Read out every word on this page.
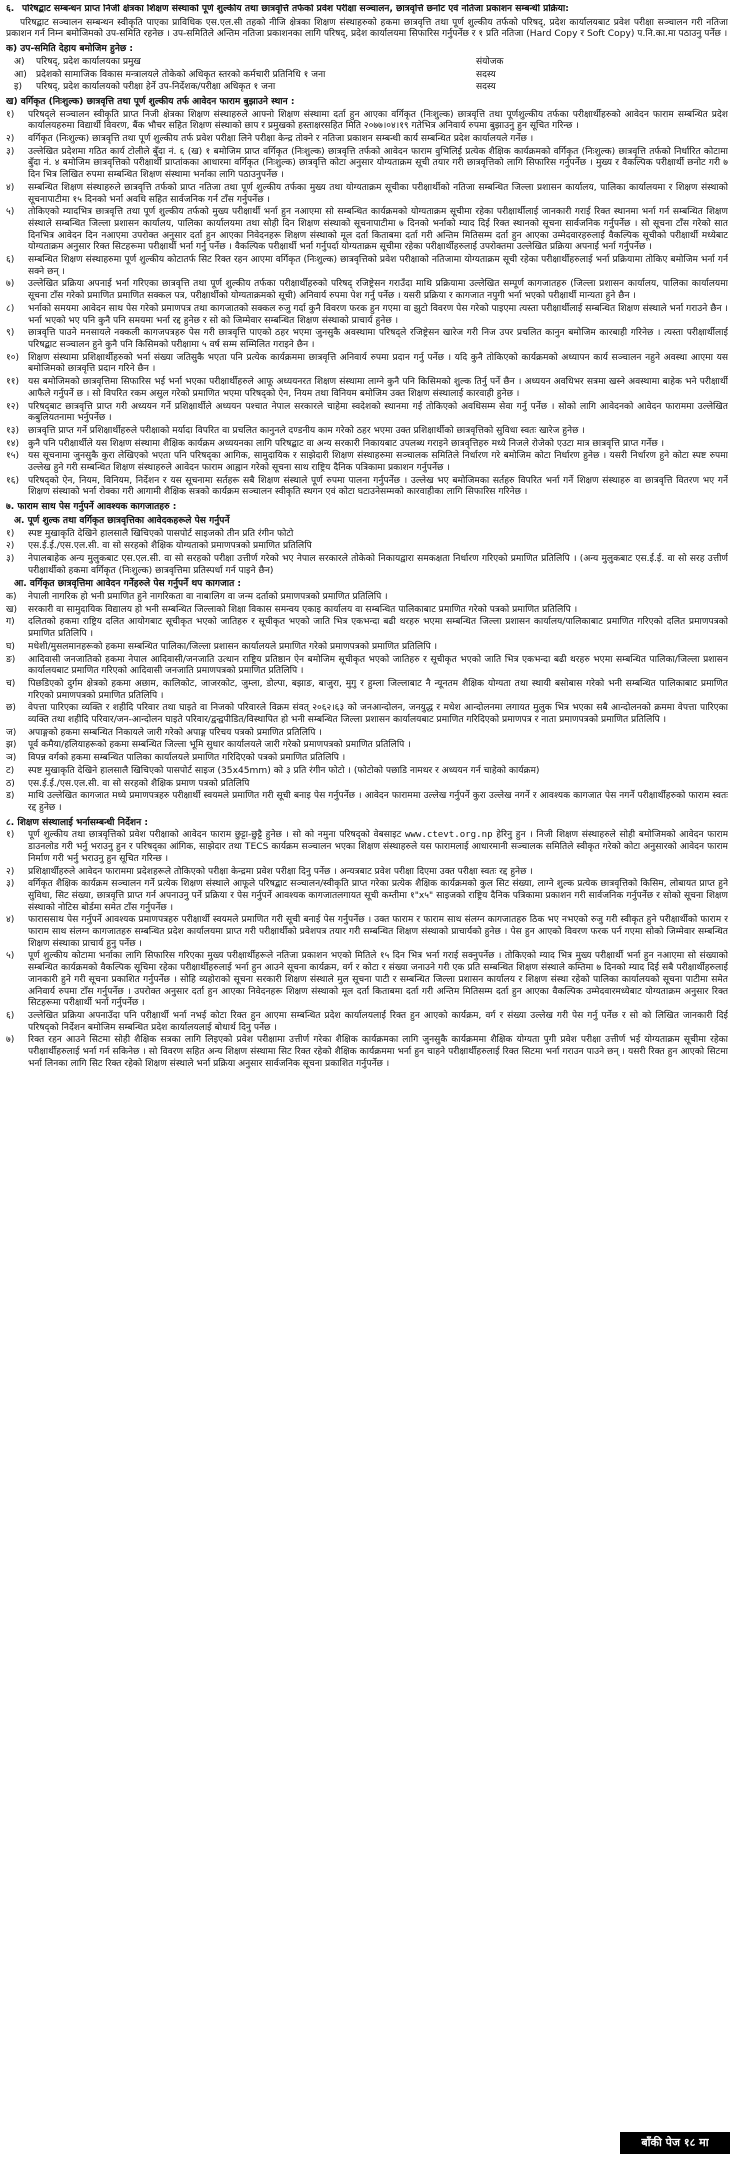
६. परिषद्बाट सम्बन्धन प्राप्त निजी क्षेत्रका शिक्षण संस्थाको पूर्ण शुल्कीय तथा छात्रवृत्ति तर्फको प्रवेश परीक्षा सञ्चालन, छात्रवृत्ति छनोट एवं नतिजा प्रकाशन सम्बन्धी प्रक्रिया:

परिषद्बाट सञ्चालन सम्बन्धन स्वीकृति पाएका प्राविधिक एस.एल.सी तहको नीजि क्षेत्रका शिक्षण संस्थाहरुको हकमा छात्रवृत्ति तथा पूर्ण शुल्कीय तर्फको परिषद्, प्रदेश कार्यालयबाट प्रवेश परीक्षा सञ्चालन गरी नतिजा प्रकाशन गर्न निम्न बमोजिमको उप-समिति रहनेछ । उप-समितिले अन्तिम नतिजा प्रकाशनका लागि परिषद्, प्रदेश कार्यालयमा सिफारिस गर्नुपर्नेछ र १ प्रति नतिजा (Hard Copy र Soft Copy) प.नि.का.मा पठाउनु पर्नेछ ।

क) उप-समिति देहाय बमोजिम हुनेछ :
अ)	परिषद्, प्रदेश कार्यालयका प्रमुख	संयोजक
आ)	प्रदेशको सामाजिक विकास मन्त्रालयले तोकेको अधिकृत स्तरको कर्मचारी प्रतिनिधि १ जना	सदस्य
इ)	परिषद्, प्रदेश कार्यालयको परीक्षा हेर्ने उप-निर्देशक/परीक्षा अधिकृत १ जना	सदस्य
ख) वर्गिकृत (निःशुल्क) छात्रवृत्ति तथा पूर्ण शुल्कीय तर्फ आवेदन फाराम बुझाउने स्थान :
१)	परिषद्‌ले सञ्चालन स्वीकृति प्राप्त निजी क्षेत्रका शिक्षण संस्थाहरुले आफ्नो शिक्षण संस्थामा दर्ता हुन आएका वर्गिकृत (निःशुल्क) छात्रवृत्ति तथा पूर्णशुल्कीय तर्फका परीक्षार्थीहरुको आवेदन फाराम सम्बन्धित प्रदेश कार्यालयहरुमा विद्यार्थी विवरण, बैंक भौचर सहित शिक्षण संस्थाको छाप र प्रमुखको हस्ताक्षरसहित मिति २०७७।०४।१९ गतेभित्र अनिवार्य रुपमा बुझाउनु हुन सूचित गरिन्छ ।
२)	वर्गिकृत (निःशुल्क) छात्रवृत्ति तथा पूर्ण शुल्कीय तर्फ प्रवेश परीक्षा लिने परीक्षा केन्द्र तोक्ने र नतिजा प्रकाशन सम्बन्धी कार्य सम्बन्धित प्रदेश कार्यालयले गर्नेछ ।
३)	उल्लेखित प्रदेशमा गठित कार्य टोलीले बुँदा नं. ६ (ख) १ बमोजिम प्राप्त वर्गिकृत (निःशुल्क) छात्रवृत्ति तर्फको आवेदन फाराम वुभिलिई प्रत्येक शैक्षिक कार्यक्रमको वर्गिकृत (निःशुल्क) छात्रवृत्ति तर्फको निर्धारित कोटामा बुँदा नं. ४ बमोजिम छात्रवृत्तिको परीक्षार्थी प्राप्तांकका आधारमा वर्गिकृत (निःशुल्क) छात्रवृत्ति कोटा अनुसार योग्यताक्रम सूची तयार गरी छात्रवृत्तिको लागि सिफारिस गर्नुपर्नेछ । मुख्य र वैकल्पिक परीक्षार्थी छनोट गरी ७ दिन भित्र लिखित रुपमा सम्बन्धित शिक्षण संस्थामा भर्नाका लागि पठाउनुपर्नेछ ।
४)	सम्बन्धित शिक्षण संस्थाहरुले छात्रवृत्ति तर्फको प्राप्त नतिजा तथा पूर्ण शुल्कीय तर्फका मुख्य तथा योग्यताक्रम सूचीका परीक्षार्थीको नतिजा सम्बन्धित जिल्ला प्रशासन कार्यालय, पालिका कार्यालयमा र शिक्षण संस्थाको सूचनापाटीमा १५ दिनको भर्ना अवधि सहित सार्वजनिक गर्न टाँस गर्नुपर्नेछ ।
५)	तोकिएको म्यादभित्र छात्रवृत्ति तथा पूर्ण शुल्कीय तर्फको मुख्य परीक्षार्थी भर्ना हुन नआएमा सो सम्बन्धित कार्यक्रमको योग्यताक्रम सूचीमा रहेका परीक्षार्थीलाई जानकारी गराई रिक्त स्थानमा भर्ना गर्न सम्बन्धित शिक्षण संस्थाले सम्बन्धित जिल्ला प्रशासन कार्यालय, पालिका कार्यालयमा तथा सोही दिन शिक्षण संस्थाको सूचनापाटीमा ७ दिनको भर्नाको म्याद दिई रिक्त स्थानको सूचना सार्वजनिक गर्नुपर्नेछ । सो सूचना टाँस गरेको सात दिनभित्र आवेदन दिन नआएमा उपरोक्त अनुसार दर्ता हुन आएका निवेदनहरू शिक्षण संस्थाको मूल दर्ता किताबमा दर्ता गरी अन्तिम मितिसम्म दर्ता हुन आएका उम्मेदवारहरुलाई वैकल्पिक सूचीको परीक्षार्थी मध्येबाट योग्यताक्रम अनुसार रिक्त सिटहरूमा परीक्षार्थी भर्ना गर्नु पर्नेछ । वैकल्पिक परीक्षार्थी भर्ना गर्नुपर्दा योग्यताक्रम सूचीमा रहेका परीक्षार्थीहरुलाई उपरोक्तमा उल्लेखित प्रक्रिया अपनाई भर्ना गर्नुपर्नेछ ।
६)	सम्बन्धित शिक्षण संस्थाहरुमा पूर्ण शुल्कीय कोटातर्फ सिट रिक्त रहन आएमा वर्गिकृत (निःशुल्क) छात्रवृत्तिको प्रवेश परीक्षाको नतिजामा योग्यताक्रम सूची रहेका परीक्षार्थीहरुलाई भर्ना प्रक्रियामा तोकिए बमोजिम भर्ना गर्न सक्ने छन् ।
७)	उल्लेखित प्रक्रिया अपनाई भर्ना गरिएका छात्रवृत्ति तथा पूर्ण शुल्कीय तर्फका परीक्षार्थीहरुको परिषद्‌ रजिष्ट्रेसन गराउँदा माथि प्रक्रियामा उल्लेखित सम्पूर्ण कागजातहरु (जिल्ला प्रशासन कार्यालय, पालिका कार्यालयमा सूचना टाँस गरेको प्रमाणित प्रमाणित सक्कल पत्र, परीक्षार्थीको योग्यताक्रमको सूची) अनिवार्य रुपमा पेश गर्नु पर्नेछ । यसरी प्रक्रिया र कागजात नपुगी भर्ना भएको परीक्षार्थी मान्यता हुने छैन ।
८)	भर्नाको समयमा आवेदन साथ पेस गरेको प्रमाणपत्र तथा कागजातको सक्कल रुजु गर्दा कुनै विवरण फरक हुन गएमा वा झुटो विवरण पेस गरेको पाइएमा त्यस्ता परीक्षार्थीलाई सम्बन्धित शिक्षण संस्थाले भर्ना गराउने छैन । भर्ना भएको भए पनि कुनै पनि समयमा भर्ना रद्द हुनेछ र सो को जिम्मेवार सम्बन्धित शिक्षण संस्थाको प्राचार्य हुनेछ ।
९)	छात्रवृत्ति पाउने मनसायले नक्कली कागजपत्रहरु पेस गरी छात्रवृत्ति पाएको ठहर भएमा जुनसुकै अवस्थामा परिषद्‌ले रजिष्ट्रेसन खारेज गरी निज उपर प्रचलित कानुन बमोजिम कारबाही गरिनेछ । त्यस्ता परीक्षार्थीलाई परिषद्बाट सञ्चालन हुने कुनै पनि किसिमको परीक्षामा ५ वर्ष सम्म सम्मिलित गराइने छैन ।
१०) शिक्षण संस्थामा प्रशिक्षार्थीहरुको भर्ना संख्या जतिसुकै भएता पनि प्रत्येक कार्यक्रममा छात्रवृत्ति अनिवार्य रुपमा प्रदान गर्नु पर्नेछ । यदि कुनै तोकिएको कार्यक्रमको अध्यापन कार्य सञ्चालन नहुने अवस्था आएमा यस बमोजिमको छात्रवृत्ति प्रदान गरिने छैन ।
११) यस बमोजिमको छात्रवृत्तिमा सिफारिस भई भर्ना भएका परीक्षार्थीहरुले आफू अध्ययनरत शिक्षण संस्थामा लाग्ने कुनै पनि किसिमको शुल्क तिर्नु पर्ने छैन । अध्ययन अवधिभर सत्रमा खस्ने अवस्थामा बाहेक भने परीक्षार्थी आफैले गर्नुपर्ने छ । सो विपरित रकम असुल गरेको प्रमाणित भएमा परिषद्को ऐन, नियम तथा विनियम बमोजिम उक्त शिक्षण संस्थालाई कारवाही हुनेछ ।
१२) परिषद्‌बाट छात्रवृत्ति प्राप्त गरी अध्ययन गर्ने प्रशिक्षार्थीले अध्ययन पश्चात नेपाल सरकारले चाहेमा स्वदेशको स्थानमा गई तोकिएको अवधिसम्म सेवा गर्नु पर्नेछ । सोको लागि आवेदनको आवेदन फाराममा उल्लेखित कबुलियतनामा भर्नुपर्नेछ ।
१३) छात्रवृत्ति प्राप्त गर्ने प्रशिक्षार्थीहरुले परीक्षाको मर्यादा विपरित वा प्रचलित कानुनले दण्डनीय काम गरेको ठहर भएमा उक्त प्रशिक्षार्थीको छात्रवृत्तिको सुविधा स्वतः खारेज हुनेछ ।
१४) कुनै पनि परीक्षार्थीले यस शिक्षण संस्थामा शैक्षिक कार्यक्रम अध्ययनका लागि परिषद्बाट वा अन्य सरकारी निकायबाट उपलब्ध गराइने छात्रवृत्तिहरु मध्ये निजले रोजेको एउटा मात्र छात्रवृत्ति प्राप्त गर्नेछ ।
१५) यस सूचनामा जुनसुकै कुरा लेखिएको भएता पनि परिषद्का आगिक, सामुदायिक र साझेदारी शिक्षण संस्थाहरुमा सञ्चालक समितिले निर्धारण गरे बमोजिम कोटा निर्धारण हुनेछ । यसरी निर्धारण हुने कोटा स्पष्ट रुपमा उल्लेख हुने गरी सम्बन्धित शिक्षण संस्थाहरुले आवेदन फाराम आह्वान गरेको सूचना साथ राष्ट्रिय दैनिक पत्रिकामा प्रकाशन गर्नुपर्नेछ ।
१६) परिषद्‌को ऐन, नियम, विनियम, निर्देशन र यस सूचनामा सर्तहरू सबै शिक्षण संस्थाले पूर्ण रुपमा पालना गर्नुपर्नेछ । उल्लेख भए बमोजिमका सर्तहरु विपरित भर्ना गर्ने शिक्षण संस्थाहरु वा छात्रवृत्ति वितरण भए गर्ने शिक्षण संस्थाको भर्ना रोक्का गरी आगामी शैक्षिक सत्रको कार्यक्रम सञ्चालन स्वीकृति स्थगन एवं कोटा घटाउनेसम्मको कारवाहीका लागि सिफारिस गरिनेछ ।
७. फाराम साथ पेस गर्नुपर्ने आवश्यक कागजातहरु :
अ. पूर्ण शुल्क तथा वर्गिकृत छात्रवृत्तिका आवेदकहरूले पेस गर्नुपर्ने
१)	स्पष्ट मुखाकृति देखिने हालसालै खिचिएको पासपोर्ट साइजको तीन प्रति रंगीन फोटो
२)	एस.ई.ई./एस.एल.सी. वा सो सरहको शैक्षिक योग्यताको प्रमाणपत्रको प्रमाणित प्रतिलिपि
३)	नेपालबाहेक अन्य मुलुकबाट एस.एल.सी. वा सो सरहको परीक्षा उत्तीर्ण गरेको भए नेपाल सरकारले तोकेको निकायद्वारा समकक्षता निर्धारण गरिएको प्रमाणित प्रतिलिपि । (अन्य मुलुकबाट एस.ई.ई. वा सो सरह उत्तीर्ण परीक्षार्थीको हकमा वर्गिकृत (निःशुल्क) छात्रवृत्तिमा प्रतिस्पर्धा गर्न पाइने छैन)
आ. वर्गिकृत छात्रवृत्तिमा आवेदन गर्नेहरुले पेस गर्नुपर्ने थप कागजात :
क)	नेपाली नागरिक हो भनी प्रमाणित हुने नागरिकता वा नाबालिग वा जन्म दर्ताको प्रमाणपत्रको प्रमाणित प्रतिलिपि ।
ख)	सरकारी वा सामुदायिक विद्यालय हो भनी सम्बन्धित जिल्लाको शिक्षा विकास समन्वय एकाइ कार्यालय वा सम्बन्धित पालिकाबाट प्रमाणित गरेको पत्रको प्रमाणित प्रतिलिपि ।
ग)	दलितको हकमा राष्ट्रिय दलित आयोगबाट सूचीकृत भएको जातिहरु र सूचीकृत भएको जाति भित्र एकभन्दा बढी थरहरु भएमा सम्बन्धित जिल्ला प्रशासन कार्यालय/पालिकाबाट प्रमाणित गरिएको दलित प्रमाणपत्रको प्रमाणित प्रतिलिपि ।
घ)	मधेशी/मुसलमानहरूको हकमा सम्बन्धित पालिका/जिल्ला प्रशासन कार्यालयले प्रमाणित गरेको प्रमाणपत्रको प्रमाणित प्रतिलिपि ।
ङ)	आदिवासी जनजातिको हकमा नेपाल आदिवासी/जनजाति उत्थान राष्ट्रिय प्रतिष्ठान ऐन बमोजिम सूचीकृत भएको जातिहरु र सूचीकृत भएको जाति भित्र एकभन्दा बढी थरहरु भएमा सम्बन्धित पालिका/जिल्ला प्रशासन कार्यालयबाट प्रमाणित गरिएको आदिवासी जनजाति प्रमाणपत्रको प्रमाणित प्रतिलिपि ।
च)	पिछडिएको दुर्गम क्षेत्रको हकमा अछाम, कालिकोट, जाजरकोट, जुम्ला, डोल्पा, बझाङ, बाजुरा, मुगु र हुम्ला जिल्लाबाट नै न्यूनतम शैक्षिक योग्यता तथा स्थायी बसोबास गरेको भनी सम्बन्धित पालिकाबाट प्रमाणित गरिएको प्रमाणपत्रको प्रमाणित प्रतिलिपि ।
छ)	वेपत्ता पारिएका व्यक्ति र शहीदि परिवार तथा घाइते वा निजको परिवारले विक्रम संवत् २०६२।६३ को जनआन्दोलन, जनयुद्ध र मधेश आन्दोलनमा लगायत मुलुक भित्र भएका सबै आन्दोलनको क्रममा वेपत्ता पारिएका व्यक्ति तथा शहीदि परिवार/जन-आन्दोलन घाइते परिवार/द्वन्द्वपीडित/विस्थापित हो भनी सम्बन्धित जिल्ला प्रशासन कार्यालयबाट प्रमाणित गरिदिएको प्रमाणपत्र र नाता प्रमाणपत्रको प्रमाणित प्रतिलिपि ।
ज)	अपाङ्गको हकमा सम्बन्धित निकायले जारी गरेको अपाङ्ग परिचय पत्रको प्रमाणित प्रतिलिपि ।
झ)	पूर्व कमैया/हलियाहरूको हकमा सम्बन्धित जिल्ला भूमि सुधार कार्यालयले जारी गरेको प्रमाणपत्रको प्रमाणित प्रतिलिपि ।
ञ)	विपन्न वर्गको हकमा सम्बन्धित पालिका कार्यालयले प्रमाणित गरिदिएको पत्रको प्रमाणित प्रतिलिपि ।
ट)	स्पष्ट मुखाकृति देखिने हालसालै खिचिएको पासपोर्ट साइज (35x45mm) को ३ प्रति रंगीन फोटो । (फोटोको पछाडि नामथर र अध्ययन गर्न चाहेको कार्यक्रम)
ठ)	एस.ई.ई./एस.एल.सी. वा सो सरहको शैक्षिक प्रमाण पत्रको प्रतिलिपि
ड)	माथि उल्लेखित कागजात मध्ये प्रमाणपत्रहरु परीक्षार्थी स्वयमले प्रमाणित गरी सूची बनाइ पेस गर्नुपर्नेछ । आवेदन फाराममा उल्लेख गर्नुपर्ने कुरा उल्लेख नगर्ने र आवश्यक कागजात पेस नगर्ने परीक्षार्थीहरुको फाराम स्वतः रद्द हुनेछ ।
८. शिक्षण संस्थालाई भर्नासम्बन्धी निर्देशन :
१)	पूर्ण शुल्कीय तथा छात्रवृत्तिको प्रवेश परीक्षाको आवेदन फाराम छुट्टा-छुट्टै हुनेछ । सो को नमुना परिषद्को वेबसाइट www.ctevt.org.np हेरिनु हुन । निजी शिक्षण संस्थाहरुले सोही बमोजिमको आवेदन फाराम डाउनलोड गरी भर्नु भराउनु हुन र परिषद्का आंगिक, साझेदार तथा TECS कार्यक्रम सञ्चालन भएका शिक्षण संस्थाहरुले यस फारामलाई आधारमानी सञ्चालक समितिले स्वीकृत गरेको कोटा अनुसारको आवेदन फाराम निर्माण गरी भर्नु भराउनु हुन सूचित गरिन्छ ।
२)	प्रशिक्षार्थीहरुले आवेदन फाराममा प्रदेशहरूले तोकिएको परीक्षा केन्द्रमा प्रवेश परीक्षा दिनु पर्नेछ । अन्यत्रबाट प्रवेश परीक्षा दिएमा उक्त परीक्षा स्वतः रद्द हुनेछ ।
३)	वर्गिकृत शैक्षिक कार्यक्रम सञ्चालन गर्ने प्रत्येक शिक्षण संस्थाले आफूले परिषद्बाट सञ्चालन/स्वीकृति प्राप्त गरेका प्रत्येक शैक्षिक कार्यक्रमको कुल सिट संख्या, लाग्ने शुल्क प्रत्येक छात्रवृत्तिको किसिम, लोबायत प्राप्त हुने सुविधा, सिट संख्या, छात्रवृत्ति प्राप्त गर्न अपनाउनु पर्ने प्रक्रिया र पेस गर्नुपर्ने आवश्यक कागजातलगायत सूची कम्तीमा १"x५" साइजको राष्ट्रिय दैनिक पत्रिकामा प्रकाशन गरी सार्वजनिक गर्नुपर्नेछ र सोको सूचना शिक्षण संस्थाको नोटिस बोर्डमा समेत टाँस गर्नुपर्नेछ ।
४)	फाराससाथ पेस गर्नुपर्ने आवश्यक प्रमाणपत्रहरु परीक्षार्थी स्वयमले प्रमाणित गरी सूची बनाई पेस गर्नुपर्नेछ । उक्त फाराम र फाराम साथ संलग्न कागजातहरु ठिक भए नभएको रुजु गरी स्वीकृत हुने परीक्षार्थीको फाराम र फाराम साथ संलग्न कागजातहरु सम्बन्धित प्रदेश कार्यालयमा प्राप्त गरी परीक्षार्थीको प्रवेशपत्र तयार गरी सम्बन्धित शिक्षण संस्थाको प्राचार्यको हुनेछ । पेस हुन आएको विवरण फरक पर्न गएमा सोको जिम्मेवार सम्बन्धित शिक्षण संस्थाका प्राचार्य हुनु पर्नेछ ।
५)	पूर्ण शुल्कीय कोटामा भर्नाका लागि सिफारिस गरिएका मुख्य परीक्षार्थीहरूले नतिजा प्रकाशन भएको मितिले १५ दिन भित्र भर्ना गराई सक्नुपर्नेछ । तोकिएको म्याद भित्र मुख्य परीक्षार्थी भर्ना हुन नआएमा सो संख्याको सम्बन्धित कार्यक्रमको वैकल्पिक सूचिमा रहेका परीक्षार्थीहरुलाई भर्ना हुन आउने सूचना कार्यक्रम, वर्ग र कोटा र संख्या जनाउने गरी एक प्रति सम्बन्धित शिक्षण संस्थाले कम्तिमा ७ दिनको म्याद दिई सबै परीक्षार्थीहरुलाई जानकारी हुने गरी सूचना प्रकाशित गर्नुपर्नेछ । सोहि व्यहोराको सूचना सरकारी शिक्षण संस्थाले मुल सूचना पाटी र सम्बन्धित जिल्ला प्रशासन कार्यालय र शिक्षण संस्था रहेको पालिका कार्यालयको सूचना पाटीमा समेत अनिवार्य रुपमा टाँस गर्नुपर्नेछ । उपरोक्त अनुसार दर्ता हुन आएका निवेदनहरू शिक्षण संस्थाको मूल दर्ता किताबमा दर्ता गरी अन्तिम मितिसम्म दर्ता हुन आएका वैकल्पिक उम्मेदवारमध्येबाट योग्यताक्रम अनुसार रिक्त सिटहरूमा परीक्षार्थी भर्ना गर्नुपर्नेछ ।
६)	उल्लेखित प्रक्रिया अपनाउँदा पनि परीक्षार्थी भर्ना नभई कोटा रिक्त हुन आएमा सम्बन्धित प्रदेश कार्यालयलाई रिक्त हुन आएको कार्यक्रम, वर्ग र संख्या उल्लेख गरी पेस गर्नु पर्नेछ र सो को लिखित जानकारी दिई परिषद्को निर्देशन बमोजिम सम्बन्धित प्रदेश कार्यालयलाई बोधार्थ दिनु पर्नेछ ।
७)	रिक्त रहन आउने सिटमा सोही शैक्षिक सत्रका लागि लिइएको प्रवेश परीक्षामा उत्तीर्ण गरेका शैक्षिक कार्यक्रमका लागि जुनसुकै कार्यक्रममा शैक्षिक योग्यता पुगी प्रवेश परीक्षा उत्तीर्ण भई योग्यताक्रम सूचीमा रहेका परीक्षार्थीहरुलाई भर्ना गर्न सकिनेछ । सो विवरण सहित अन्य शिक्षण संस्थामा सिट रिक्त रहेको शैक्षिक कार्यक्रममा भर्ना हुन चाहने परीक्षार्थीहरुलाई रिक्त सिटमा भर्ना गराउन पाउने छन् । यसरी रिक्त हुन आएको सिटमा भर्ना लिनका लागि सिट रिक्त रहेको शिक्षण संस्थाले भर्ना प्रक्रिया अनुसार सार्वजनिक सूचना प्रकाशित गर्नुपर्नेछ ।
बाँकी पेज १८ मा
